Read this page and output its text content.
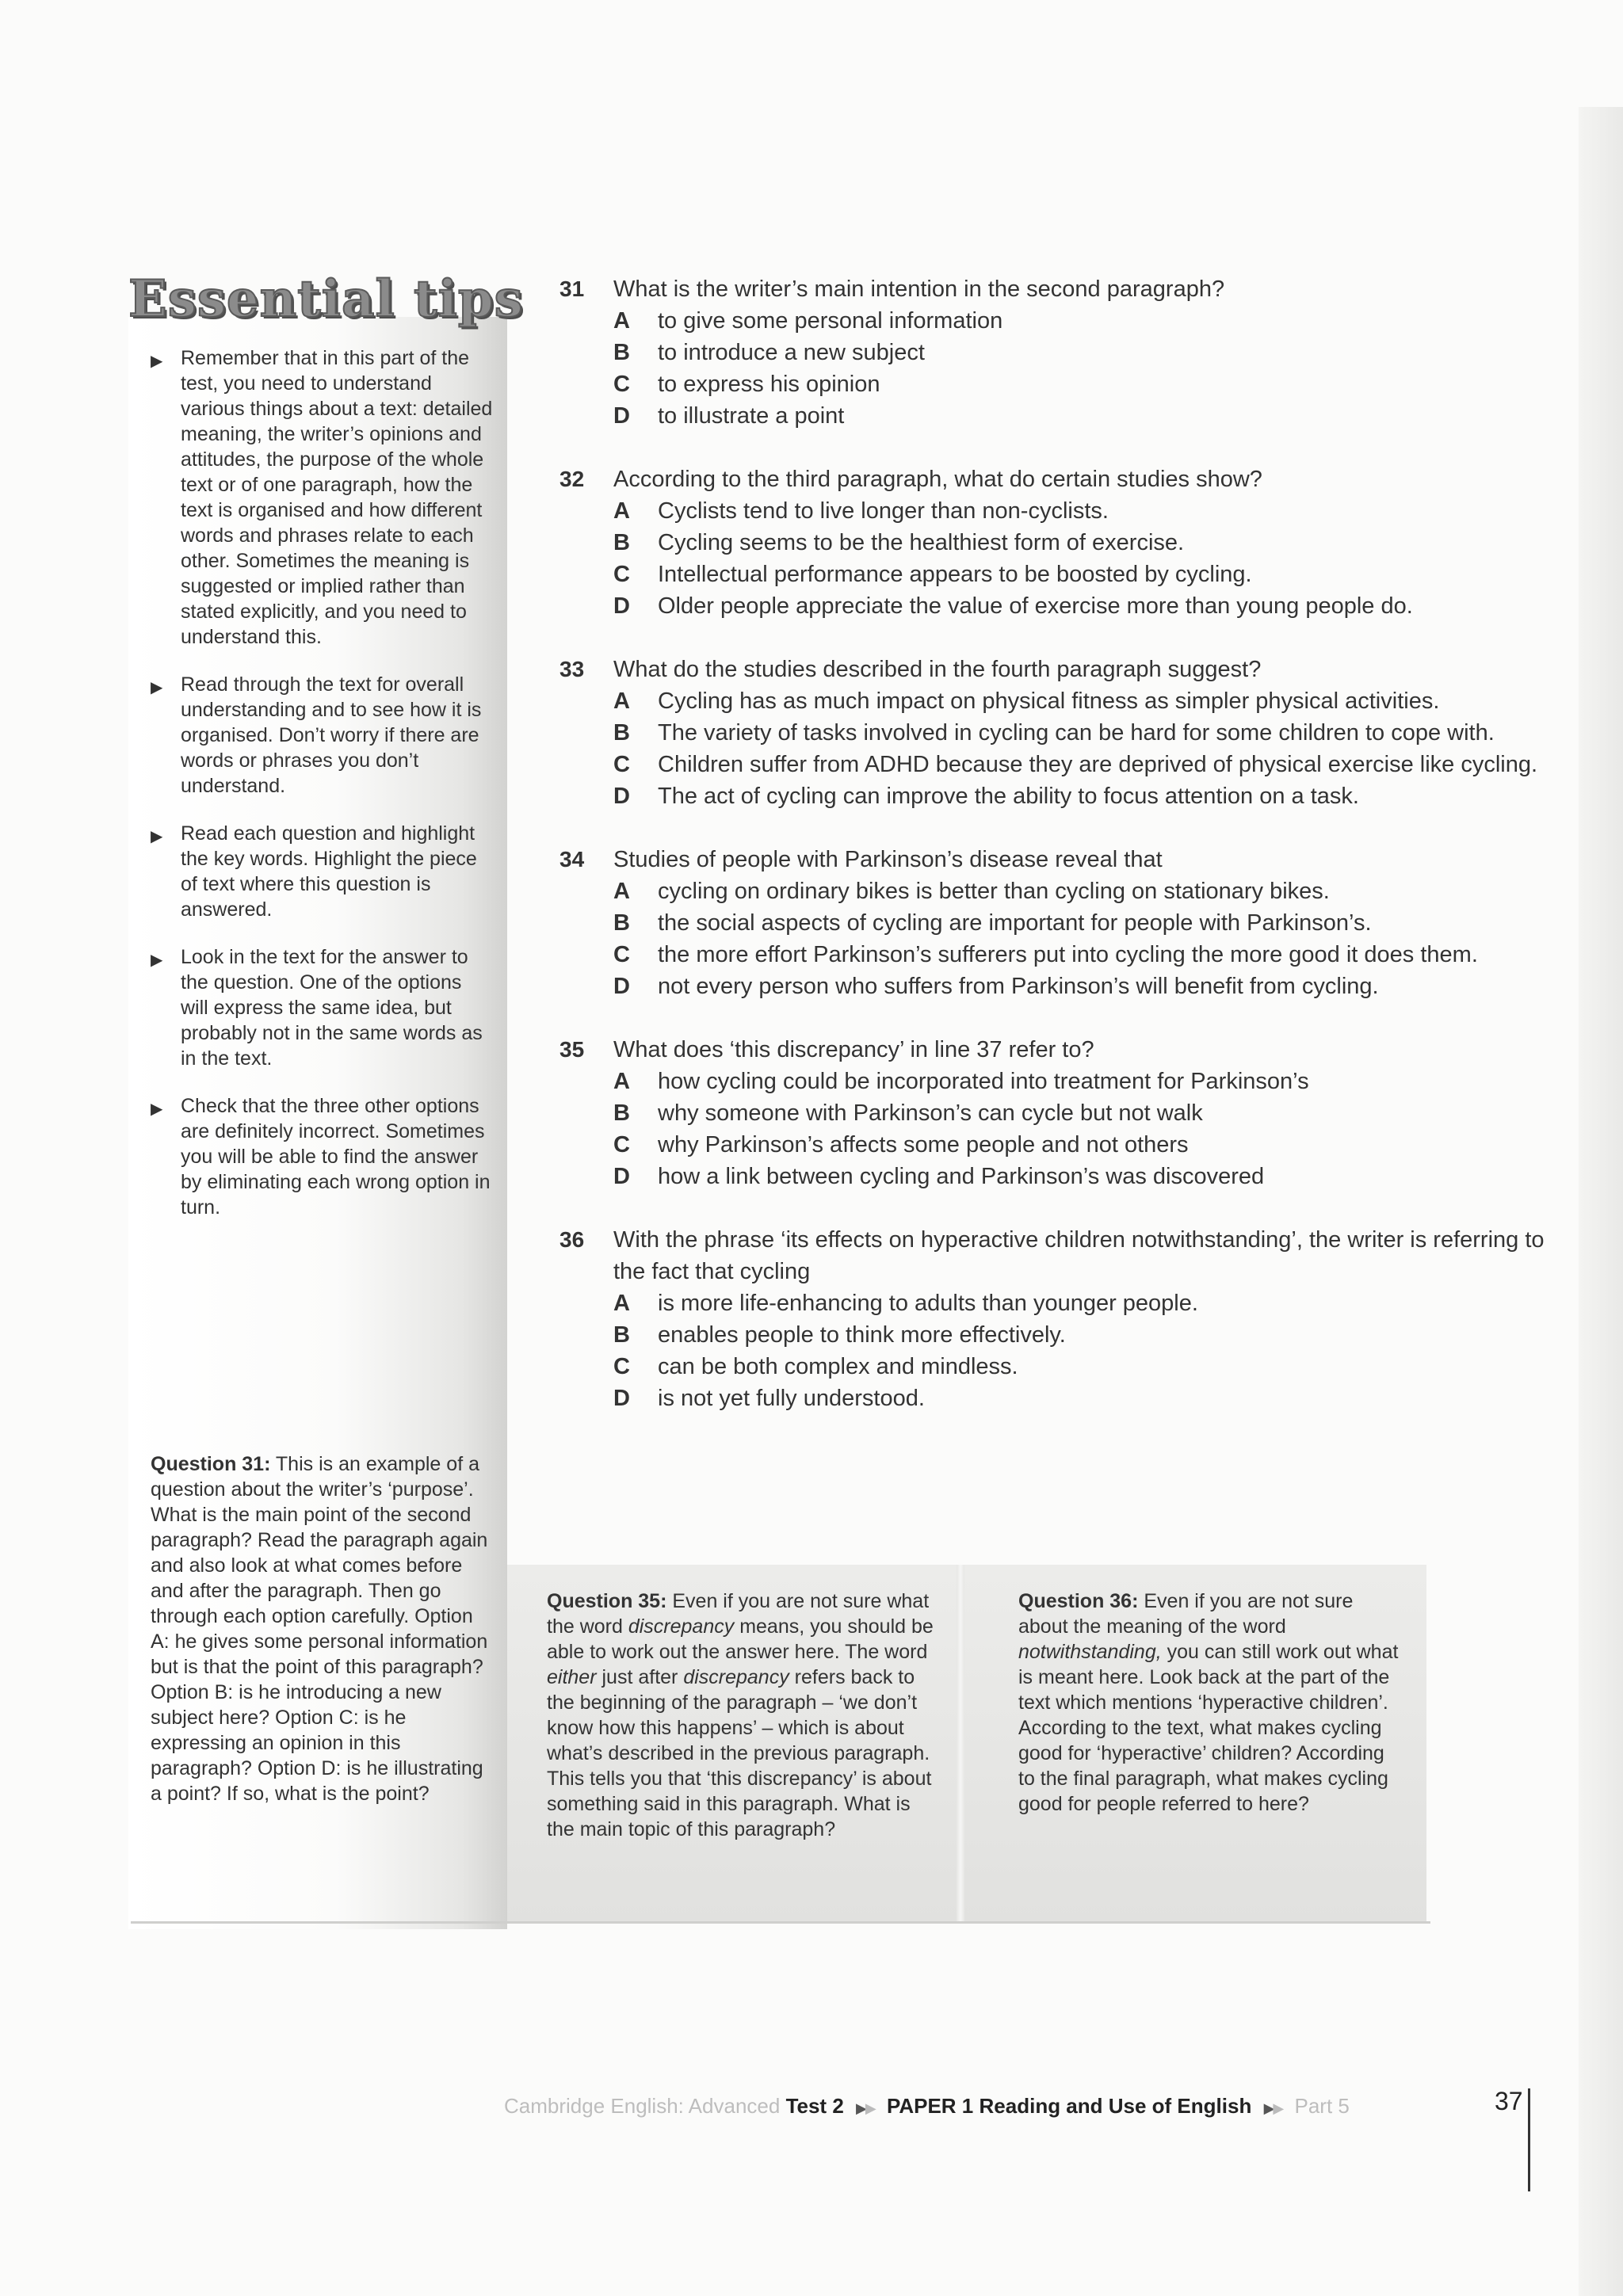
Essential tips
▶ Remember that in this part of the test, you need to understand various things about a text: detailed meaning, the writer’s opinions and attitudes, the purpose of the whole text or of one paragraph, how the text is organised and how different words and phrases relate to each other. Sometimes the meaning is suggested or implied rather than stated explicitly, and you need to understand this.
▶ Read through the text for overall understanding and to see how it is organised. Don’t worry if there are words or phrases you don’t understand.
▶ Read each question and highlight the key words. Highlight the piece of text where this question is answered.
▶ Look in the text for the answer to the question. One of the options will express the same idea, but probably not in the same words as in the text.
▶ Check that the three other options are definitely incorrect. Sometimes you will be able to find the answer by eliminating each wrong option in turn.

Question 31: This is an example of a question about the writer’s ‘purpose’. What is the main point of the second paragraph? Read the paragraph again and also look at what comes before and after the paragraph. Then go through each option carefully. Option A: he gives some personal information but is that the point of this paragraph? Option B: is he introducing a new subject here? Option C: is he expressing an opinion in this paragraph? Option D: is he illustrating a point? If so, what is the point?

31 What is the writer’s main intention in the second paragraph?
A to give some personal information
B to introduce a new subject
C to express his opinion
D to illustrate a point
32 According to the third paragraph, what do certain studies show?
A Cyclists tend to live longer than non-cyclists.
B Cycling seems to be the healthiest form of exercise.
C Intellectual performance appears to be boosted by cycling.
D Older people appreciate the value of exercise more than young people do.
33 What do the studies described in the fourth paragraph suggest?
A Cycling has as much impact on physical fitness as simpler physical activities.
B The variety of tasks involved in cycling can be hard for some children to cope with.
C Children suffer from ADHD because they are deprived of physical exercise like cycling.
D The act of cycling can improve the ability to focus attention on a task.
34 Studies of people with Parkinson’s disease reveal that
A cycling on ordinary bikes is better than cycling on stationary bikes.
B the social aspects of cycling are important for people with Parkinson’s.
C the more effort Parkinson’s sufferers put into cycling the more good it does them.
D not every person who suffers from Parkinson’s will benefit from cycling.
35 What does ‘this discrepancy’ in line 37 refer to?
A how cycling could be incorporated into treatment for Parkinson’s
B why someone with Parkinson’s can cycle but not walk
C why Parkinson’s affects some people and not others
D how a link between cycling and Parkinson’s was discovered
36 With the phrase ‘its effects on hyperactive children notwithstanding’, the writer is referring to the fact that cycling
A is more life-enhancing to adults than younger people.
B enables people to think more effectively.
C can be both complex and mindless.
D is not yet fully understood.

Question 35: Even if you are not sure what the word discrepancy means, you should be able to work out the answer here. The word either just after discrepancy refers back to the beginning of the paragraph – ‘we don’t know how this happens’ – which is about what’s described in the previous paragraph. This tells you that ‘this discrepancy’ is about something said in this paragraph. What is the main topic of this paragraph?

Question 36: Even if you are not sure about the meaning of the word notwithstanding, you can still work out what is meant here. Look back at the part of the text which mentions ‘hyperactive children’. According to the text, what makes cycling good for ‘hyperactive’ children? According to the final paragraph, what makes cycling good for people referred to here?

Cambridge English: Advanced Test 2 ▶▶ PAPER 1 Reading and Use of English ▶▶ Part 5	37
